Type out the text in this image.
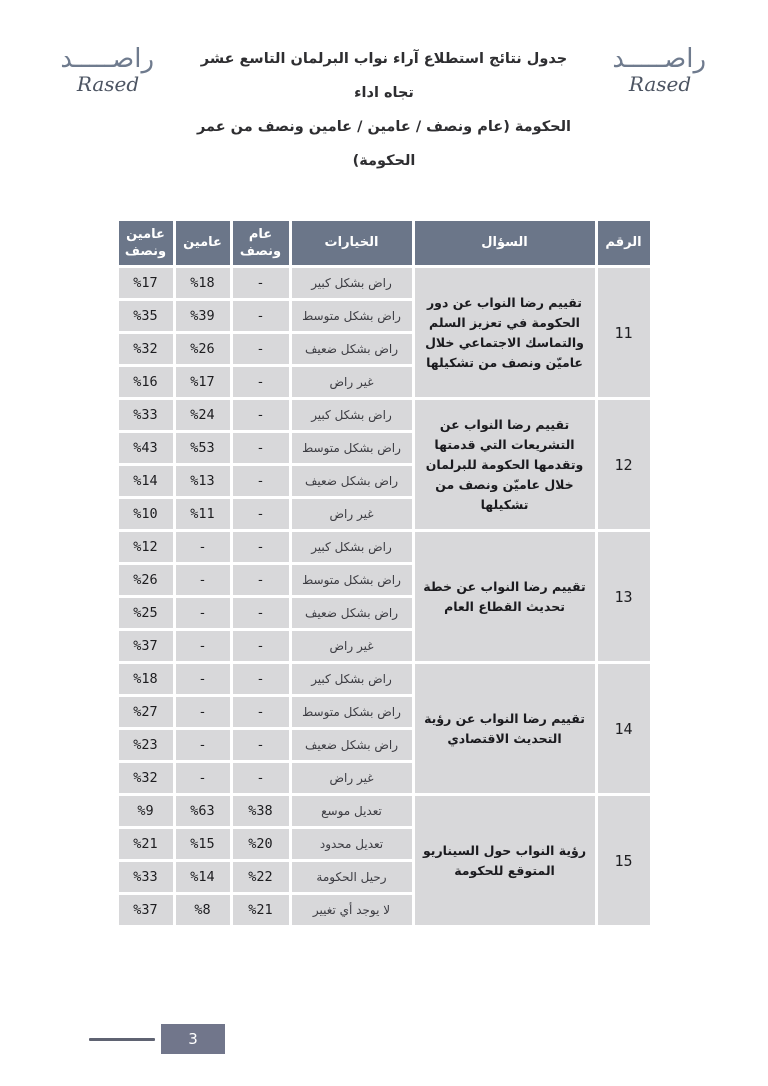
راصـــــد
Rased
جدول نتائج استطلاع آراء نواب البرلمان التاسع عشر تجاه اداء
الحكومة (عام ونصف / عامين / عامين ونصف من عمر الحكومة)
راصـــــد
Rased
الرقم	السؤال	الخيارات	عام ونصف	عامين	عامين ونصف
11	تقييم رضا النواب عن دور الحكومة في تعزيز السلم والتماسك الاجتماعي خلال عاميّن ونصف من تشكيلها	راض بشكل كبير	-	%18	%17
		راض بشكل متوسط	-	%39	%35
		راض بشكل ضعيف	-	%26	%32
		غير راض	-	%17	%16
12	تقييم رضا النواب عن التشريعات التي قدمتها وتقدمها الحكومة للبرلمان خلال عاميّن ونصف من تشكيلها	راض بشكل كبير	-	%24	%33
		راض بشكل متوسط	-	%53	%43
		راض بشكل ضعيف	-	%13	%14
		غير راض	-	%11	%10
13	تقييم رضا النواب عن خطة تحديث القطاع العام	راض بشكل كبير	-	-	%12
		راض بشكل متوسط	-	-	%26
		راض بشكل ضعيف	-	-	%25
		غير راض	-	-	%37
14	تقييم رضا النواب عن رؤية التحديث الاقتصادي	راض بشكل كبير	-	-	%18
		راض بشكل متوسط	-	-	%27
		راض بشكل ضعيف	-	-	%23
		غير راض	-	-	%32
15	رؤية النواب حول السيناريو المتوقع للحكومة	تعديل موسع	%38	%63	%9
		تعديل محدود	%20	%15	%21
		رحيل الحكومة	%22	%14	%33
		لا يوجد أي تغيير	%21	%8	%37
3
